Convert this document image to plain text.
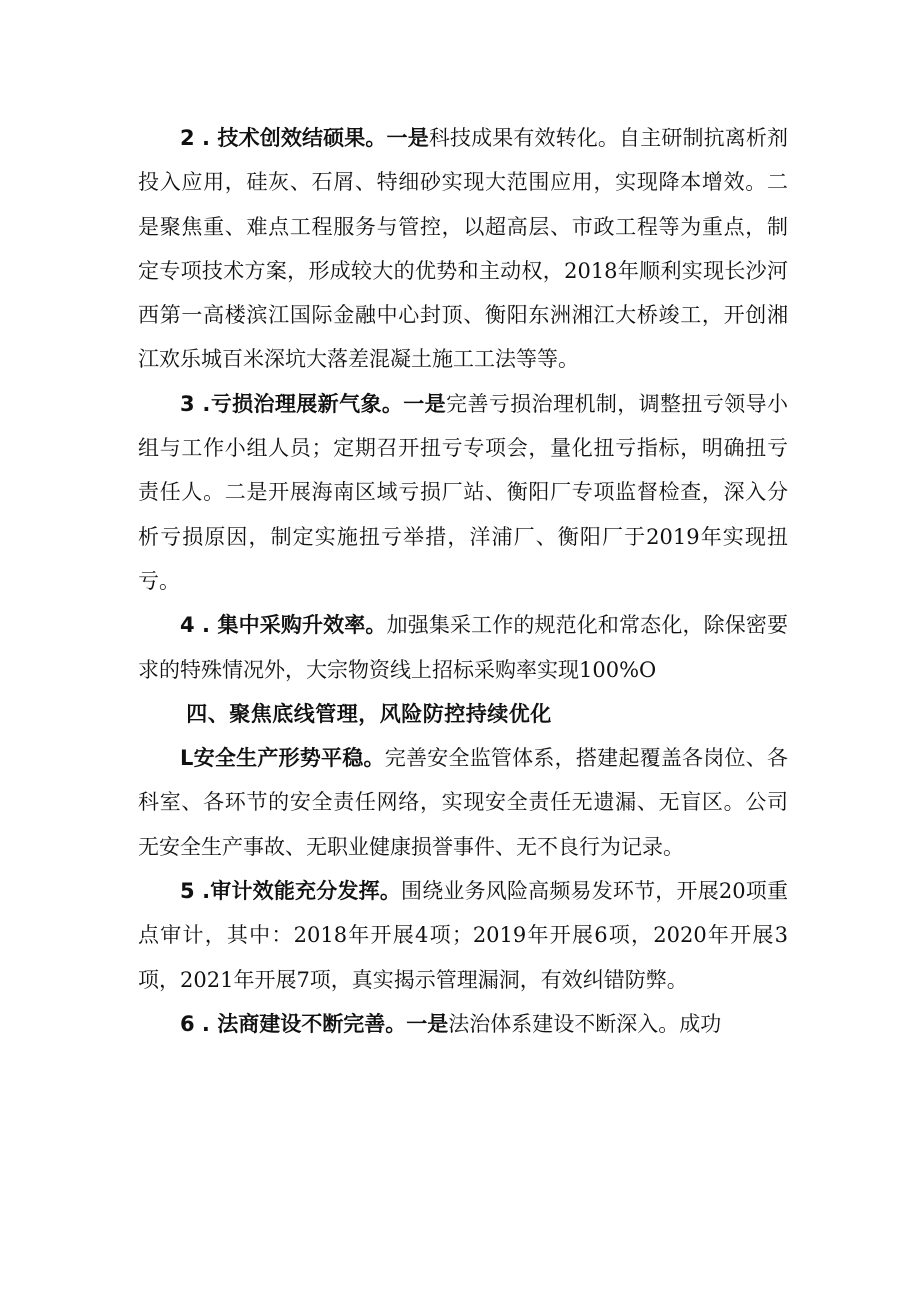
2 . 技术创效结硕果。一是科技成果有效转化。自主研制抗离析剂投入应用，硅灰、石屑、特细砂实现大范围应用，实现降本增效。二是聚焦重、难点工程服务与管控，以超高层、市政工程等为重点，制定专项技术方案，形成较大的优势和主动权，2018年顺利实现长沙河西第一高楼滨江国际金融中心封顶、衡阳东洲湘江大桥竣工，开创湘江欢乐城百米深坑大落差混凝土施工工法等等。

3 .亏损治理展新气象。一是完善亏损治理机制，调整扭亏领导小组与工作小组人员；定期召开扭亏专项会，量化扭亏指标，明确扭亏责任人。二是开展海南区域亏损厂站、衡阳厂专项监督检查，深入分析亏损原因，制定实施扭亏举措，洋浦厂、衡阳厂于2019年实现扭亏。

4 . 集中采购升效率。加强集采工作的规范化和常态化，除保密要求的特殊情况外，大宗物资线上招标采购率实现100%O

四、聚焦底线管理，风险防控持续优化

L安全生产形势平稳。完善安全监管体系，搭建起覆盖各岗位、各科室、各环节的安全责任网络，实现安全责任无遗漏、无盲区。公司无安全生产事故、无职业健康损誉事件、无不良行为记录。

5 .审计效能充分发挥。围绕业务风险高频易发环节，开展20项重点审计，其中：2018年开展4项；2019年开展6项，2020年开展3项，2021年开展7项，真实揭示管理漏洞，有效纠错防弊。

6 . 法商建设不断完善。一是法治体系建设不断深入。成功
